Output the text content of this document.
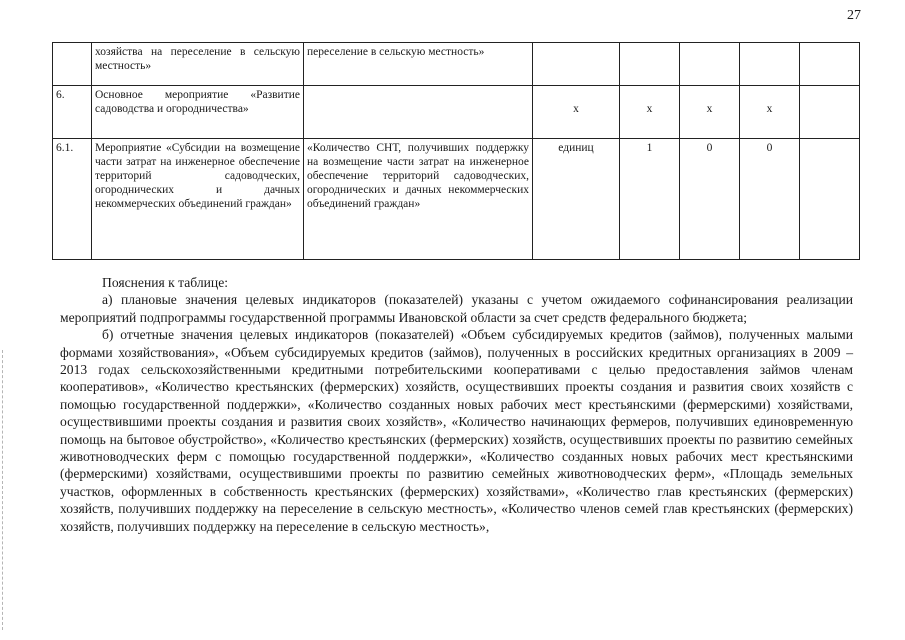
27
	хозяйства на переселение в сельскую местность»	переселение в сельскую местность»					
6.	Основное мероприятие «Развитие садоводства и огородничества»		х	х	х	х	
6.1.	Мероприятие «Субсидии на возмещение части затрат на инженерное обеспечение территорий садоводческих, огороднических и дачных некоммерческих объединений граждан»	«Количество СНТ, получивших поддержку на возмещение части затрат на инженерное обеспечение территорий садоводческих, огороднических и дачных некоммерческих объединений граждан»	единиц	1	0	0	

Пояснения к таблице:

а) плановые значения целевых индикаторов (показателей) указаны с учетом ожидаемого софинансирования реализации мероприятий подпрограммы государственной программы Ивановской области за счет средств федерального бюджета;

б) отчетные значения целевых индикаторов (показателей) «Объем субсидируемых кредитов (займов), полученных малыми формами хозяйствования», «Объем субсидируемых кредитов (займов), полученных в российских кредитных организациях в 2009 – 2013 годах сельскохозяйственными кредитными потребительскими кооперативами с целью предоставления займов членам кооперативов», «Количество крестьянских (фермерских) хозяйств, осуществивших проекты создания и развития своих хозяйств с помощью государственной поддержки», «Количество созданных новых рабочих мест крестьянскими (фермерскими) хозяйствами, осуществившими проекты создания и развития своих хозяйств», «Количество начинающих фермеров, получивших единовременную помощь на бытовое обустройство», «Количество крестьянских (фермерских) хозяйств, осуществивших проекты по развитию семейных животноводческих ферм с помощью государственной поддержки», «Количество созданных новых рабочих мест крестьянскими (фермерскими) хозяйствами, осуществившими проекты по развитию семейных животноводческих ферм», «Площадь земельных участков, оформленных в собственность крестьянских (фермерских) хозяйствами», «Количество глав крестьянских (фермерских) хозяйств, получивших поддержку на переселение в сельскую местность», «Количество членов семей глав крестьянских (фермерских) хозяйств, получивших поддержку на переселение в сельскую местность»,
